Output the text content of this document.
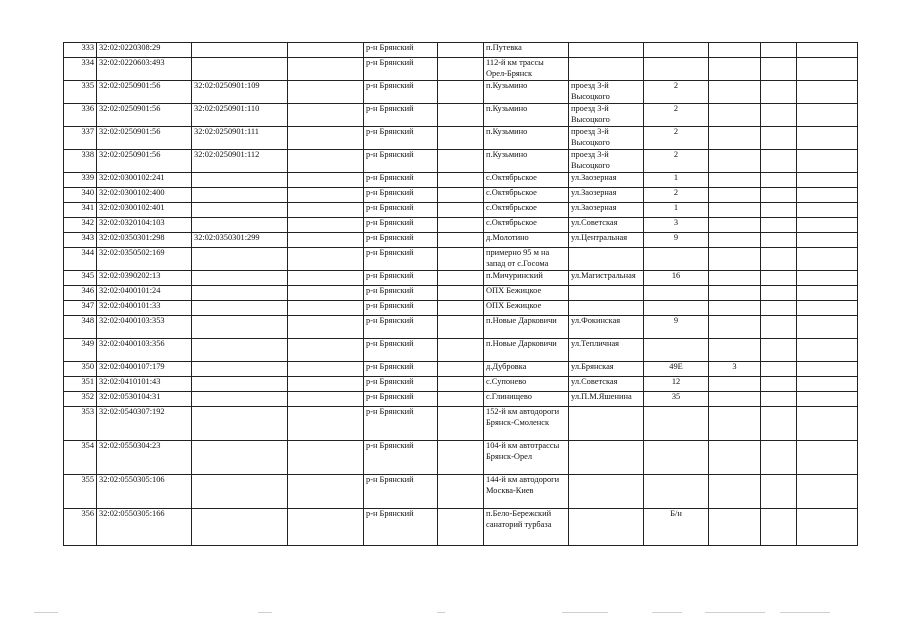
333	32:02:0220308:29			р-н Брянский		п.Путевка					
334	32:02:0220603:493			р-н Брянский		112-й км трассы Орел-Брянск					
335	32:02:0250901:56	32:02:0250901:109		р-н Брянский		п.Кузьмино	проезд 3-й Высоцкого	2			
336	32:02:0250901:56	32:02:0250901:110		р-н Брянский		п.Кузьмино	проезд 3-й Высоцкого	2			
337	32:02:0250901:56	32:02:0250901:111		р-н Брянский		п.Кузьмино	проезд 3-й Высоцкого	2			
338	32:02:0250901:56	32:02:0250901:112		р-н Брянский		п.Кузьмино	проезд 3-й Высоцкого	2			
339	32:02:0300102:241			р-н Брянский		с.Октябрьское	ул.Заозерная	1			
340	32:02:0300102:400			р-н Брянский		с.Октябрьское	ул.Заозерная	2			
341	32:02:0300102:401			р-н Брянский		с.Октябрьское	ул.Заозерная	1			
342	32:02:0320104:103			р-н Брянский		с.Октябрьское	ул.Советская	3			
343	32:02:0350301:298	32:02:0350301:299		р-н Брянский		д.Молотино	ул.Центральная	9			
344	32:02:0350502:169			р-н Брянский		примерно 95 м на запад от с.Госома					
345	32:02:0390202:13			р-н Брянский		п.Мичуринский	ул.Магистральная	16			
346	32:02:0400101:24			р-н Брянский		ОПХ Бежицкое					
347	32:02:0400101:33			р-н Брянский		ОПХ Бежицкое					
348	32:02:0400103:353			р-н Брянский		п.Новые Дарковичи	ул.Фокинская	9			
349	32:02:0400103:356			р-н Брянский		п.Новые Дарковичи	ул.Тепличная				
350	32:02:0400107:179			р-н Брянский		д.Дубровка	ул.Брянская	49Е	3		
351	32:02:0410101:43			р-н Брянский		с.Супонево	ул.Советская	12			
352	32:02:0530104:31			р-н Брянский		с.Глинищево	ул.П.М.Яшенина	35			
353	32:02:0540307:192			р-н Брянский		152-й км автодороги Брянск-Смоленск					
354	32:02:0550304:23			р-н Брянский		104-й км автотрассы Брянск-Орел					
355	32:02:0550305:106			р-н Брянский		144-й км автодороги Москва-Киев					
356	32:02:0550305:166			р-н Брянский		п.Бело-Бережский санаторий турбаза		Б/н			
